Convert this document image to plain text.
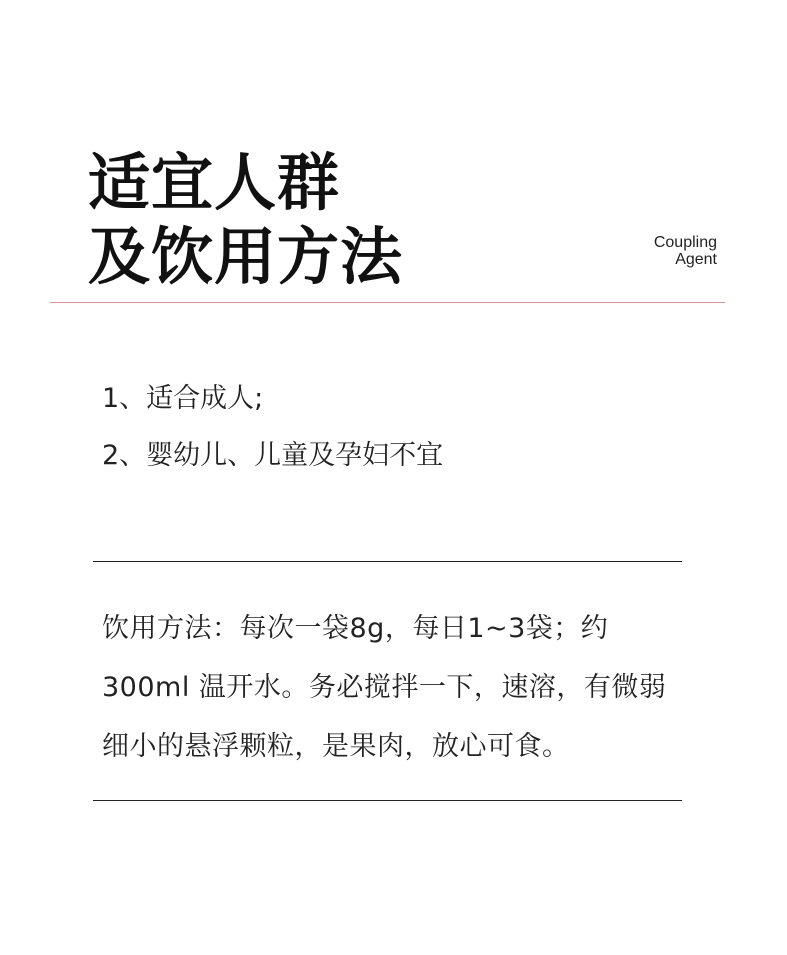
适宜人群
及饮用方法	Coupling
Agent
1、适合成人;
2、婴幼儿、儿童及孕妇不宜

饮用方法：每次一袋8g，每日1~3袋；约300ml 温开水。务必搅拌一下，速溶，有微弱细小的悬浮颗粒，是果肉，放心可食。
